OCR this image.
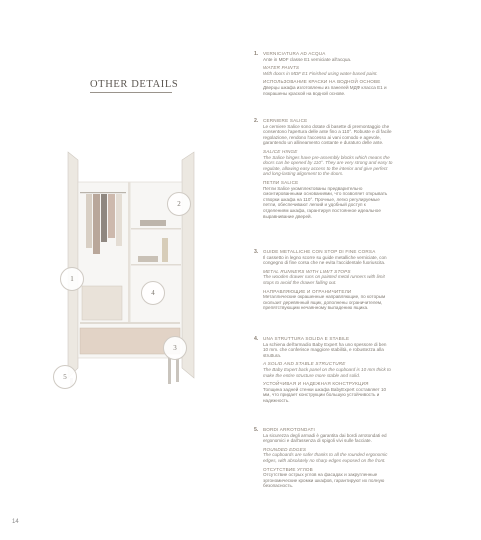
OTHER DETAILS
2
1
4
3
5
1. VERNICIATURA AD ACQUA

Ante in MDF classe E1 verniciate all'acqua.

WATER PAINTS

With doors in MDF E1 Finished using water-based paint.

ИСПОЛЬЗОВАНИЕ КРАСКИ НА ВОДНОЙ ОСНОВЕ

Дверцы шкафа изготовлены из панелей МДФ класса Е1 и

покрашены краской на водной основе.

2. CERNIERE SALICE

Le cerniere Salice sono dotate di basette di premontaggio che

consentono l'apertura delle ante fino a 110°. Robuste e di facile

regolazione, rendono l'accesso ai vani comodo e agevole,

garantendo un allineamento costante e duraturo delle ante.

SALICE HINGE

The Salice hinges have pre-assembly blocks which means the

doors can be opened by 110°. They are very strong and easy to

regulate, allowing easy access to the interior and give perfect

and long-lasting alignment to the doors.

ПЕТЛИ SALICE

Петли Salice укомплектованы предварительно

смонтированными основаниями, что позволяет открывать

створки шкафа на 110°. Прочные, легко регулируемые

петли, обеспечивают легкий и удобный доступ к

отделениям шкафа, гарантируя постоянное идеальное

выравнивание дверей.

3. GUIDE METALLICHE CON STOP DI FINE CORSA

Il cassetto in legno scorre su guide metalliche verniciate, con

congegno di fine corsa che ne evita l'accidentale fuoriuscita.

METAL RUNNERS WITH LIMIT STOPS

The wooden drawer runs on painted metal runners with limit

stops to avoid the drawer falling out.

НАПРАВЛЯЮЩИЕ И ОГРАНИЧИТЕЛИ

Металлические окрашенные направляющие, по которым

скользит деревянный ящик, дополнены ограничителем,

препятствующим нечаянному выпадению ящика.

4. UNA STRUTTURA SOLIDA E STABILE

La schiena dell'armadio Baby Expert ha uno spessore di ben

10 mm. che conferisce maggiore stabilità, e robustezza alla

struttura.

A SOLID AND STABLE STRUCTURE

The Baby Expert back panel on the cupboard is 10 mm thick to

make the entire structure more stable and solid.

УСТОЙЧИВАЯ И НАДЕЖНАЯ КОНСТРУКЦИЯ

Толщина задней стенки шкафа BabyExpert составляет 10

мм, что придает конструкции большую устойчивость и

надежность.

5. BORDI ARROTONDATI

La sicurezza degli armadi è garantita dai bordi arrotondati ed

ergonomici e dall'assenza di spigoli vivi sulle facciate.

ROUNDED EDGES

The cupboards are safer thanks to all the rounded ergonomic

edges, with absolutely no sharp edges exposed on the front.

ОТСУТСТВИЕ УГЛОВ

Отсутствие острых углов на фасадах и закругленные

эргономические кромки шкафов, гарантируют их полную

безопасность.

14
